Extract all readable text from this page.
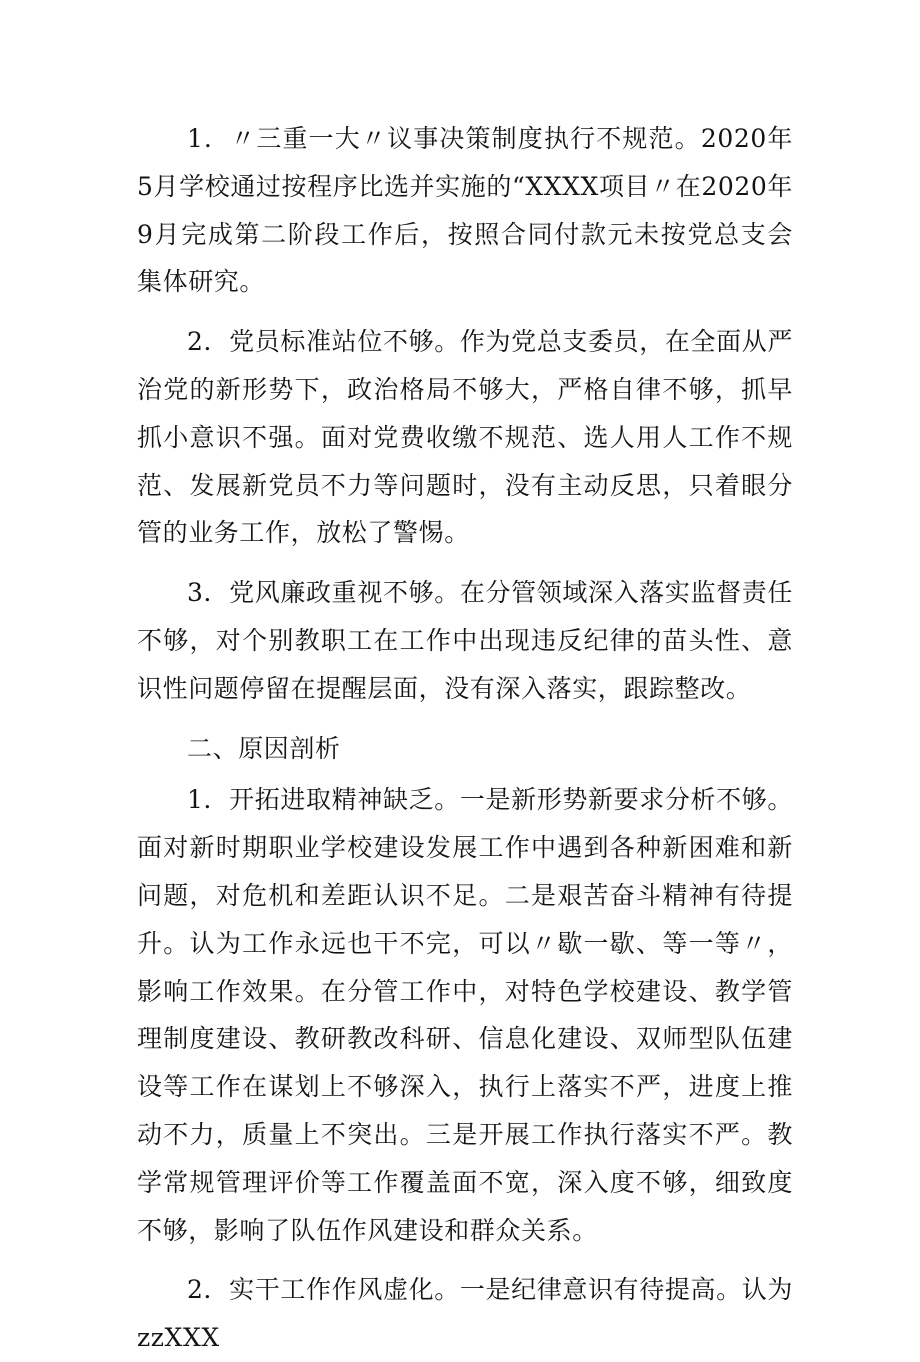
1．〃三重一大〃议事决策制度执行不规范。2020年5月学校通过按程序比选并实施的“XXXX项目〃在2020年9月完成第二阶段工作后，按照合同付款元未按党总支会集体研究。

2．党员标准站位不够。作为党总支委员，在全面从严治党的新形势下，政治格局不够大，严格自律不够，抓早抓小意识不强。面对党费收缴不规范、选人用人工作不规范、发展新党员不力等问题时，没有主动反思，只着眼分管的业务工作，放松了警惕。

3．党风廉政重视不够。在分管领域深入落实监督责任不够，对个别教职工在工作中出现违反纪律的苗头性、意识性问题停留在提醒层面，没有深入落实，跟踪整改。

二、原因剖析

1．开拓进取精神缺乏。一是新形势新要求分析不够。面对新时期职业学校建设发展工作中遇到各种新困难和新问题，对危机和差距认识不足。二是艰苦奋斗精神有待提升。认为工作永远也干不完，可以〃歇一歇、等一等〃，影响工作效果。在分管工作中，对特色学校建设、教学管理制度建设、教研教改科研、信息化建设、双师型队伍建设等工作在谋划上不够深入，执行上落实不严，进度上推动不力，质量上不突出。三是开展工作执行落实不严。教学常规管理评价等工作覆盖面不宽，深入度不够，细致度不够，影响了队伍作风建设和群众关系。

2．实干工作作风虚化。一是纪律意识有待提高。认为zzXXX
